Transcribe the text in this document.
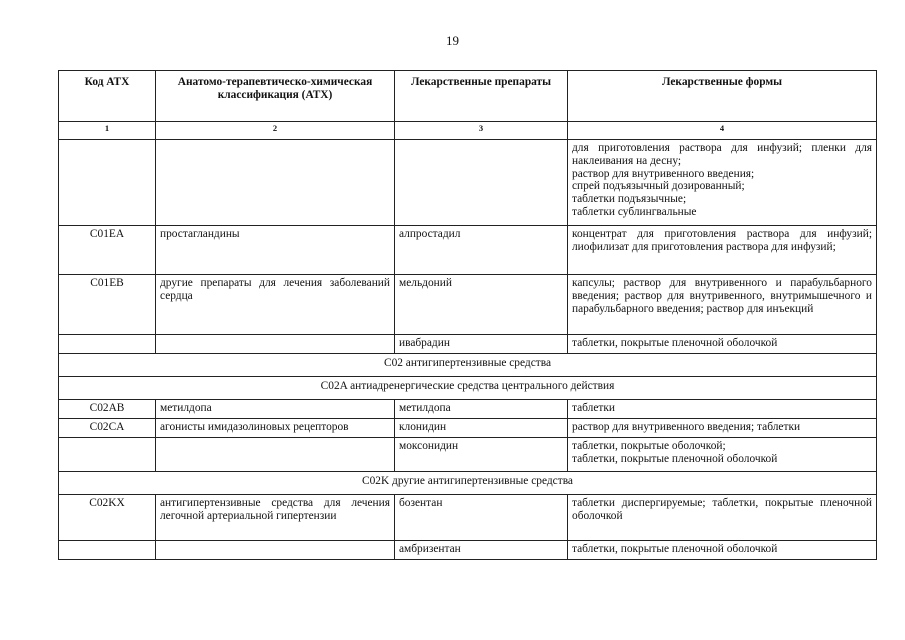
19
Код АТХ	Анатомо-терапевтическо-химическая классификация (АТХ)	Лекарственные препараты	Лекарственные формы
1	2	3	4

			для приготовления раствора для инфузий; пленки для наклеивания на десну;
раствор для внутривенного введения;
спрей подъязычный дозированный;
таблетки подъязычные;
таблетки сублингвальные

C01EA	простагландины	алпростадил	концентрат для приготовления раствора для инфузий; лиофилизат для приготовления раствора для инфузий;
C01EB	другие препараты для лечения заболеваний сердца	мельдоний	капсулы; раствор для внутривенного и парабульбарного введения; раствор для внутривенного, внутримышечного и парабульбарного введения; раствор для инъекций
		ивабрадин	таблетки, покрытые пленочной оболочкой
C02 антигипертензивные средства			
C02A антиадренергические средства центрального действия			
C02AB	метилдопа	метилдопа	таблетки
C02CA	агонисты имидазолиновых рецепторов	клонидин	раствор для внутривенного введения; таблетки
		моксонидин	таблетки, покрытые оболочкой;
таблетки, покрытые пленочной оболочкой

C02K другие антигипертензивные средства			
C02KX	антигипертензивные средства для лечения легочной артериальной гипертензии	бозентан	таблетки диспергируемые; таблетки, покрытые пленочной оболочкой
		амбризентан	таблетки, покрытые пленочной оболочкой
